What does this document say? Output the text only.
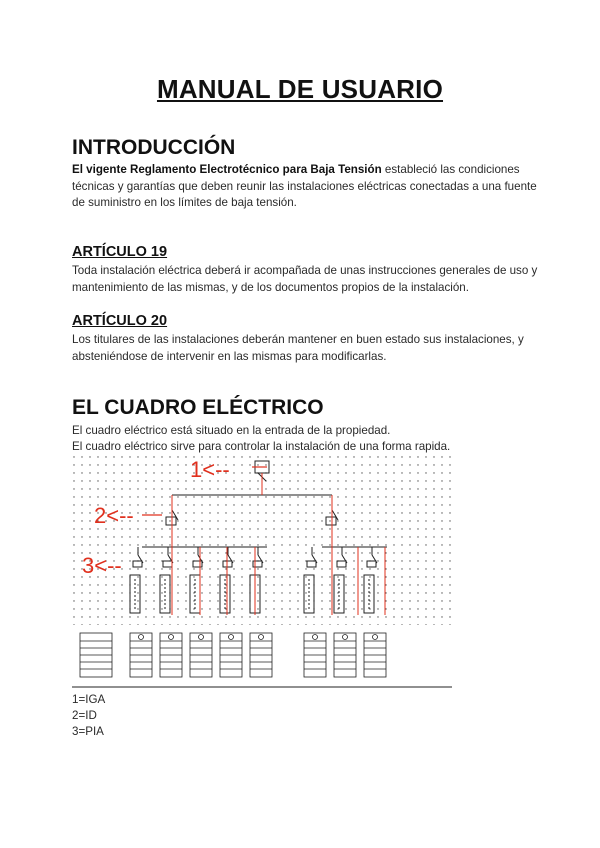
MANUAL DE USUARIO
INTRODUCCIÓN
El vigente Reglamento Electrotécnico para Baja Tensión estableció las condiciones técnicas y garantías que deben reunir las instalaciones eléctricas conectadas a una fuente de suministro en los límites de baja tensión.
ARTÍCULO 19
Toda instalación eléctrica deberá ir acompañada de unas instrucciones generales de uso y mantenimiento de las mismas, y de los documentos propios de la instalación.
ARTÍCULO 20
Los titulares de las instalaciones deberán mantener en buen estado sus instalaciones, y absteniéndose de intervenir en las mismas para modificarlas.
EL CUADRO ELÉCTRICO
El cuadro eléctrico está situado en la entrada de la propiedad.
El cuadro eléctrico sirve para controlar la instalación de una forma rapida.
1<--
2<--
3<--
1=IGA
2=ID
3=PIA
